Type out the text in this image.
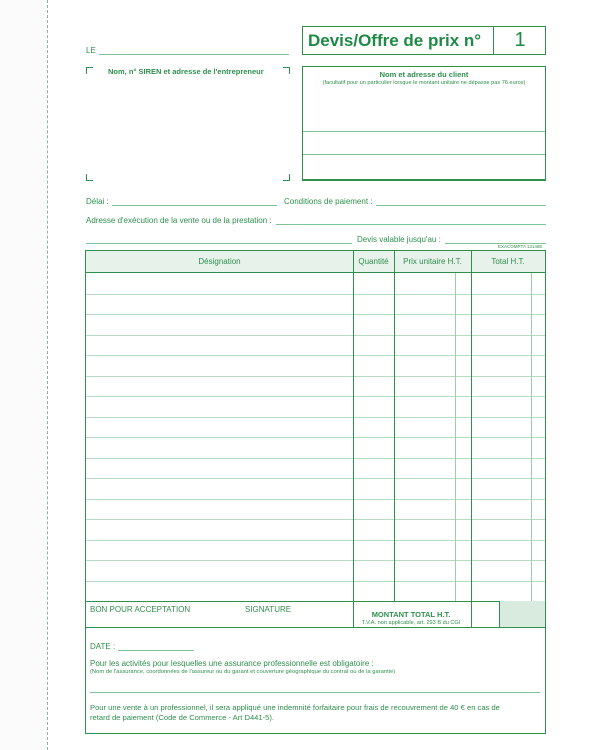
LE
Devis/Offre de prix n°	1
Nom, n° SIREN et adresse de l'entrepreneur	Nom et adresse du client
(facultatif pour un particulier lorsque le montant unitaire ne dépasse pas 76 euros)
Délai :	Conditions de paiement :
Adresse d'exécution de la vente ou de la prestation :
Devis valable jusqu'au :
EXACOMPTA 13146E
Désignation	Quantité	Prix unitaire H.T.	Total H.T.
BON POUR ACCEPTATION	SIGNATURE
MONTANT TOTAL H.T.
T.V.A. non applicable, art. 293 B du CGI
DATE :
Pour les activités pour lesquelles une assurance professionnelle est obligatoire :
(Nom de l'assurance, coordonnées de l'assureur ou du garant et couverture géographique du contrat ou de la garantie)
Pour une vente à un professionnel, il sera appliqué une indemnité forfaitaire pour frais de recouvrement de 40 € en cas de
retard de paiement (Code de Commerce - Art D441-5).
